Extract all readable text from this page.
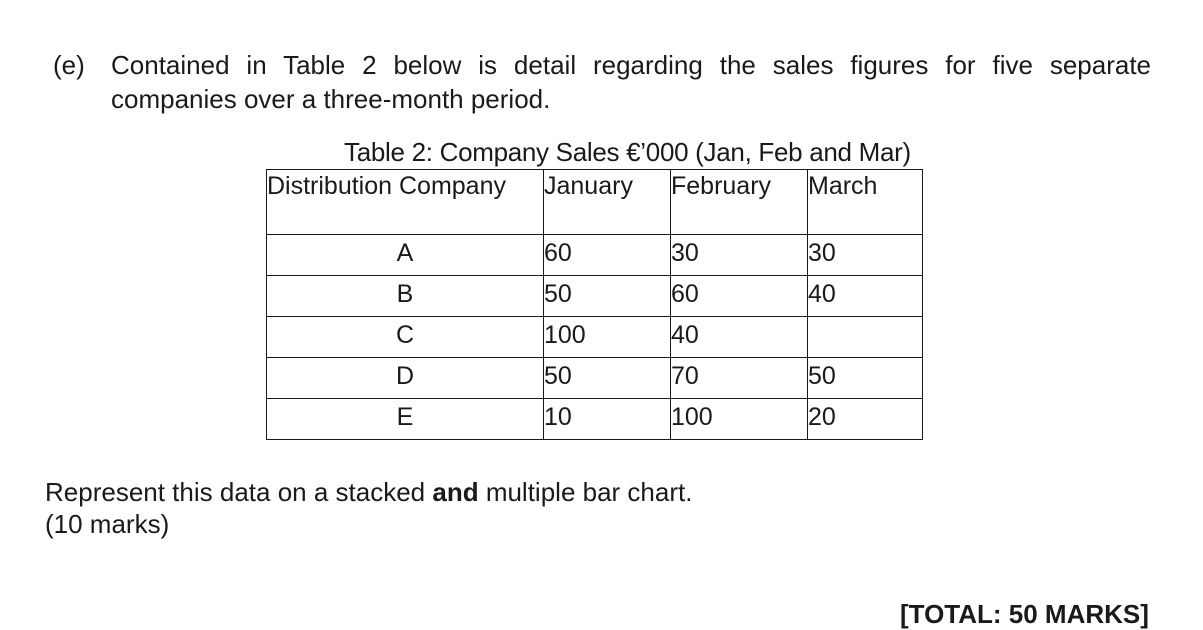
(e) Contained in Table 2 below is detail regarding the sales figures for five separate companies over a three-month period.
Table 2: Company Sales €’000 (Jan, Feb and Mar)
Distribution Company	January	February	March
A	60	30	30
B	50	60	40
C	100	40	
D	50	70	50
E	10	100	20
Represent this data on a stacked and multiple bar chart.
(10 marks)
[TOTAL: 50 MARKS]
